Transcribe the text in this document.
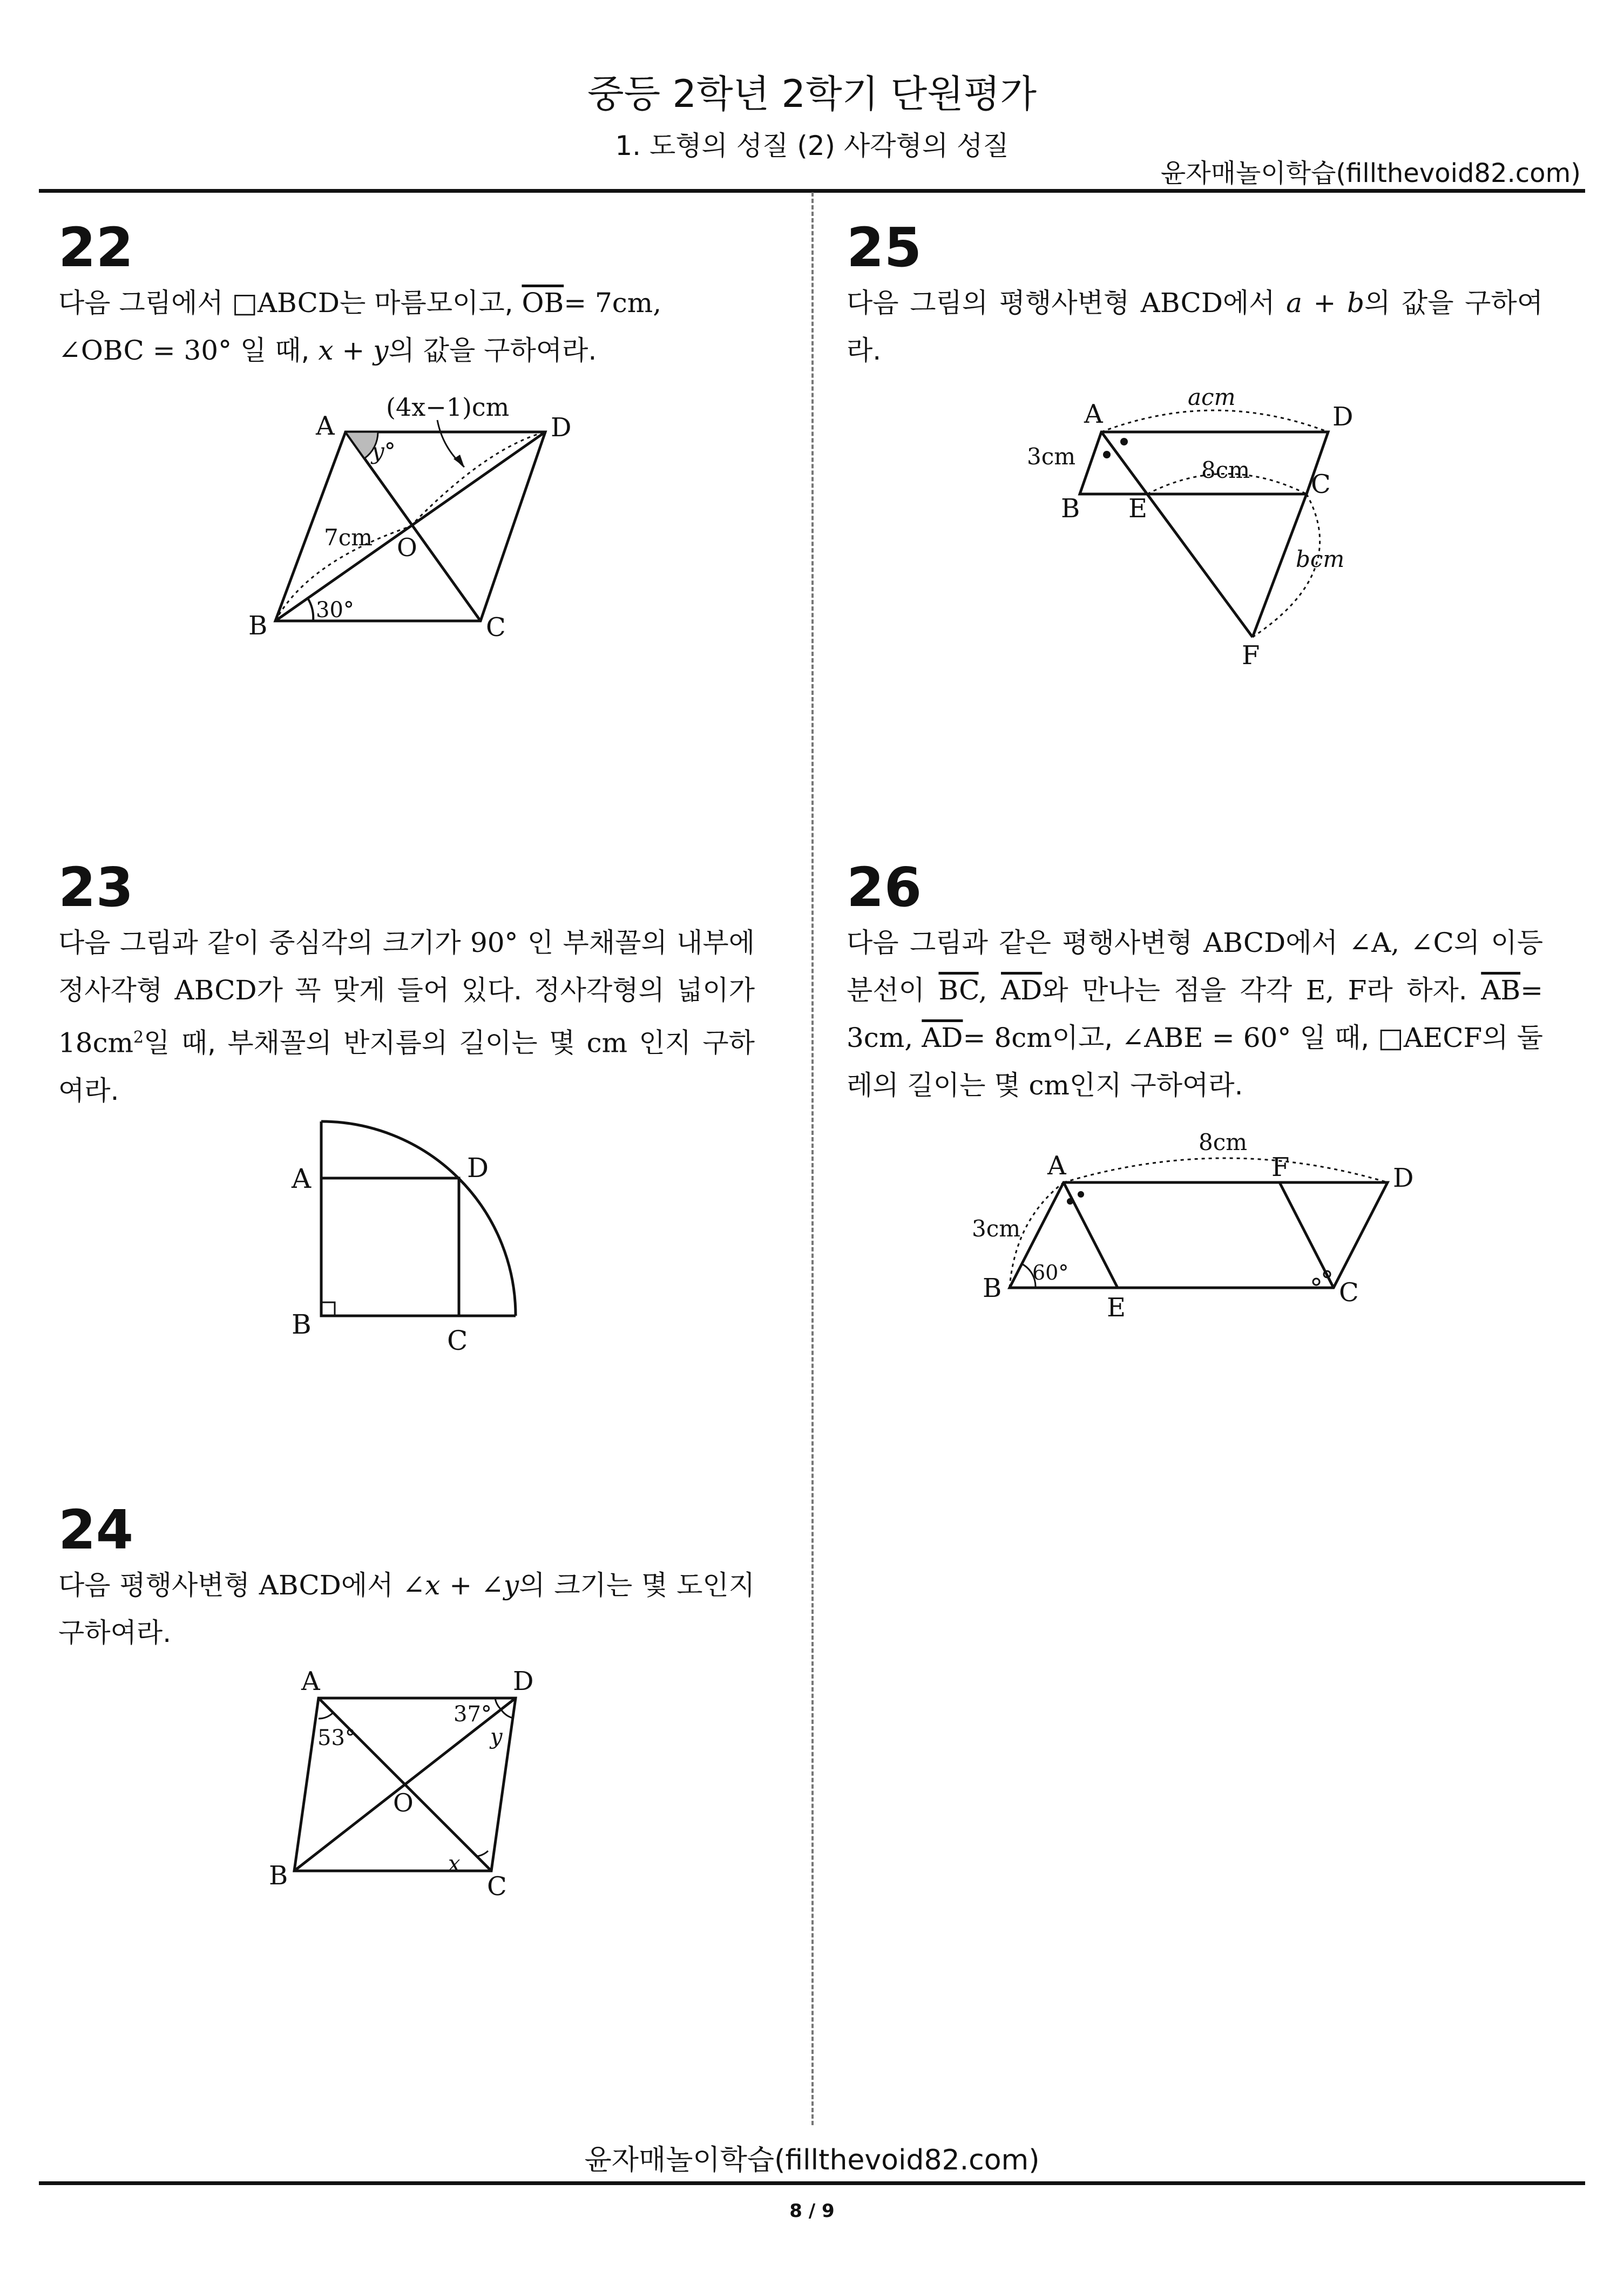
중등 2학년 2학기 단원평가
1. 도형의 성질 (2) 사각형의 성질
윤자매놀이학습(fillthevoid82.com)
22
다음 그림에서 □ABCD는 마름모이고, $\overline{OB}= 7cm$,
∠OBC = 30° 일 때, x + y의 값을 구하여라.
A	D
B	C
O
y°
7cm
(4x−1)cm
30°
23
다음 그림과 같이 중심각의 크기가 90° 인 부채꼴의 내부에 정사각형 ABCD가 꼭 맞게 들어 있다. 정사각형의 넓이가 $18cm^2$일 때, 부채꼴의 반지름의 길이는 몇 cm 인지 구하여라.
A	D
B
C
24
다음 평행사변형 ABCD에서 ∠x + ∠y의 크기는 몇 도인지 구하여라.
A	D
B	C
O
53°
37°
y
x
25
다음 그림의 평행사변형 ABCD에서 a + b의 값을 구하여라.
A	D
B
C
E
F
3cm
acm
8cm
bcm
26
다음 그림과 같은 평행사변형 ABCD에서 ∠A, ∠C의 이등분선이 $\overline{BC}$, $\overline{AD}$와 만나는 점을 각각 E, F라 하자. $\overline{AB}= 3cm$, $\overline{AD}= 8cm$이고, ∠ABE = 60° 일 때, □AECF의 둘레의 길이는 몇 cm인지 구하여라.
A	F	D
B
E	C
3cm
8cm
60°
윤자매놀이학습(fillthevoid82.com)
8 / 9
